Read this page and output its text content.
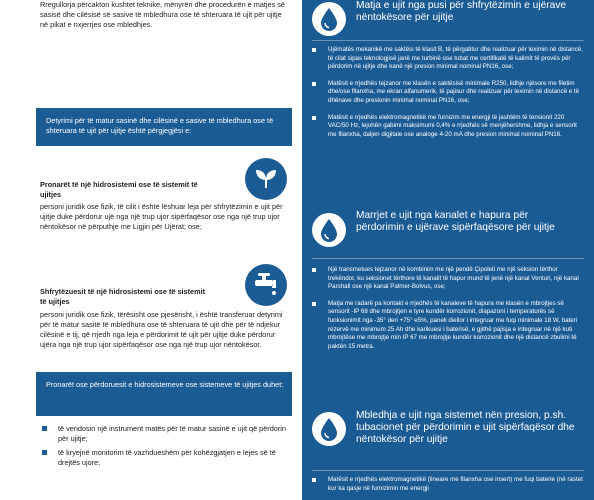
Rregullorja përcakton kushtet teknike, mënyrën dhe procedurën e matjes së sasisë dhe cilësisë së sasive të mbledhura ose të shteruara të ujit për ujitje në pikat e nxjerrjes ose mbledhjes.
Detyrimi për të matur sasinë dhe cilësinë e sasive të mbledhura ose të shteruara të ujit për ujitje është përgjegjësi e:
Pronarët të një hidrosistemi ose të sistemit të ujitjes
personi juridik ose fizik, të cilit i është lëshuar leja për shfrytëzimin e ujit për ujitje duke përdorur ujë nga një trup ujor sipërfaqësor ose nga një trup ujor nëntokësor në përputhje me Ligjin për Ujërat; ose;
Shfrytëzuesit të një hidrosistemi ose të sistemit të ujitjes
personi juridik ose fizik, tërësisht ose pjesërisht, i është transferuar detyrimi për të matur sasitë të mbledhura ose të shteruara të ujit dhe për të ndjekur cilësinë e tij, që rrjedh nga leja e përdorimit të ujit për ujitje duke përdorur ujëra nga një trup ujor sipërfaqësor ose nga një trup ujor nëntokësor.
Pronarët ose përdoruesit e hidrosistemeve ose sistemeve të ujitjes duhet:
të vendosin një instrument matës për të matur sasinë e ujit që përdorin për ujitje;
të kryejnë monitorim të vazhdueshëm për kohëzgjatjen e lejes së të drejtës ujore;
Matja e ujit nga pusi për shfrytëzimin e ujërave nëntokësore për ujitje
Ujëmatës mekanikë me saktësi të klasit B, të përgatitur dhe realizuar për leximin në distancë, të cilat sipas teknologjisë janë me turbinë ose tubat me certifikatë të kalimit të provës për përdorim në ujitje dhe kanë një presion minimal nominal PN16, ose;
Matësit e rrjedhës tejzanor me klasën e saktësisë minimale R250, lidhje njësore me filetim dhe/ose fllanxha, me ekran alfanumerik, të pajisur dhe realizuar për leximin në distancë e të dhënave dhe presionin minimal nominal PN16, ose;
Matësit e rrjedhës elektromagnetikë me furnizim me energji të jashtëm të tensionit 220 VAC/50 Hz, lejohën gabimi maksimumi 0,4% e rrjedhës së menjëhershme, lidhja e sensorit me fllanxha, daljen digjitale ose analoge 4-20 mA dhe presion minimal nominal PN16.
Marrjet e ujit nga kanalet e hapura për përdorimin e ujërave sipërfaqësore për ujitje
Një transmetues tejzanor në kombinim me një pendë Çipoleti me një seksion tërthor trekëndor, ku seksionet tërthore të kanalit të hapur mund të jenë një kanal Venturi, një kanal Parshall ose një kanal Palmer-Bolvus, ose;
Matja me radarë pa kontakt e rrjedhës të kanaleve të hapura me klasën e mbrojtjes së sensorit -IP 68 dhe mbrojtjen e tyre kundër korrozionit, diapazoni i temperaturës së funksionimit nga -35° deri +75° e5%, paneli diellor i integruar me fuqi minimale 18 W, bateri rezervë me minimum 25 Ah dhe karikuesi i baterisë, e gjithë pajisja e integruar në një kuti mbrojtëse me mbrojtje min IP 67 me mbrojtje kundër korrozionit dhe një distancë zbulimi të paktën 15 metra.
Mbledhja e ujit nga sistemet nën presion, p.sh. tubacionet për përdorimin e ujit sipërfaqësor dhe nëntokësor për ujitje
Matësit e rrjedhës elektromagnetikë (lineare me fllanxha ose insert) me fuqi baterie (në rastet kur ka qasje në furnizimin me energji
